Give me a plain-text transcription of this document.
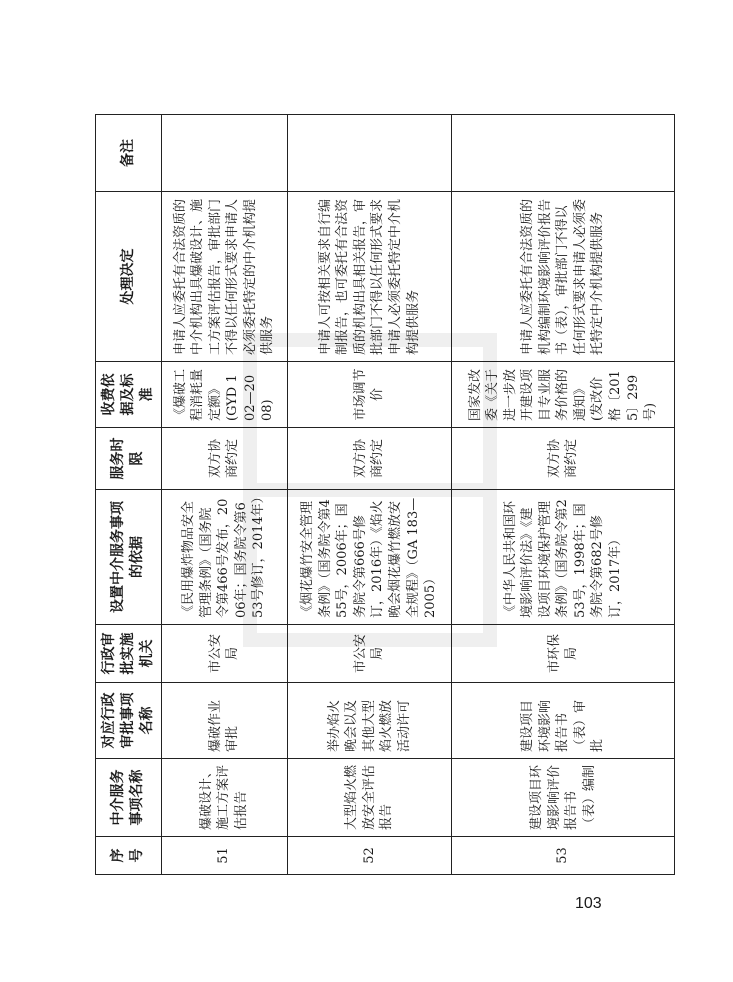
序号	中介服务事项名称	对应行政审批事项名称	行政审批实施机关	设置中介服务事项的依据	服务时限	收费依据及标准	处理决定	备注
51	爆破设计、施工方案评估报告	爆破作业审批	市公安局	《民用爆炸物品安全管理条例》（国务院令第466号发布，2006年；国务院令第653号修订，2014年）	双方协商约定	《爆破工程消耗量定额》(GYD 102—2008)	申请人应委托有合法资质的中介机构出具爆破设计、施工方案评估报告，审批部门不得以任何形式要求申请人必须委托特定的中介机构提供服务	
52	大型焰火燃放安全评估报告	举办焰火晚会以及其他大型焰火燃放活动许可	市公安局	《烟花爆竹安全管理条例》（国务院令第455号，2006年；国务院令第666号修订，2016年）《焰火晚会烟花爆竹燃放安全规程》（GA 183—2005）	双方协商约定	市场调节价	申请人可按相关要求自行编制报告，也可委托有合法资质的机构出具相关报告，审批部门不得以任何形式要求申请人必须委托特定中介机构提供服务	
53	建设项目环境影响评价报告书（表）编制	建设项目环境影响报告书（表）审批	市环保局	《中华人民共和国环境影响评价法》《建设项目环境保护管理条例》（国务院令第253号，1998年；国务院令第682号修订，2017年）	双方协商约定	国家发改委《关于进一步放开建设项目专业服务价格的通知》(发改价格〔2015〕299号)	申请人应委托有合法资质的机构编制环境影响评价报告书（表），审批部门不得以任何形式要求申请人必须委托特定中介机构提供服务	
103
